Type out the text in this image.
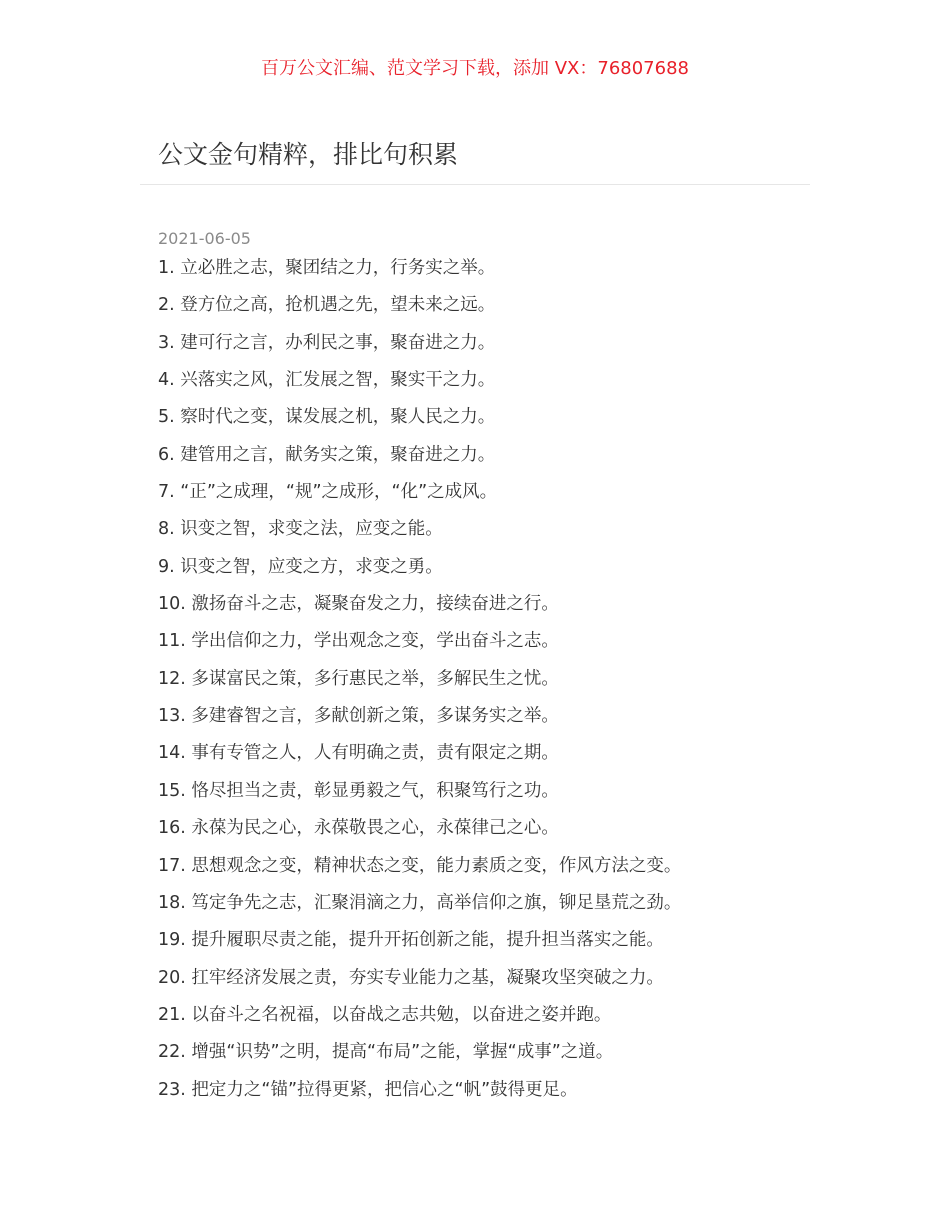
百万公文汇编、范文学习下载，添加 VX：76807688
公文金句精粹，排比句积累
2021-06-05
1. 立必胜之志，聚团结之力，行务实之举。
2. 登方位之高，抢机遇之先，望未来之远。
3. 建可行之言，办利民之事，聚奋进之力。
4. 兴落实之风，汇发展之智，聚实干之力。
5. 察时代之变，谋发展之机，聚人民之力。
6. 建管用之言，献务实之策，聚奋进之力。
7. “正”之成理，“规”之成形，“化”之成风。
8. 识变之智，求变之法，应变之能。
9. 识变之智，应变之方，求变之勇。
10. 激扬奋斗之志，凝聚奋发之力，接续奋进之行。
11. 学出信仰之力，学出观念之变，学出奋斗之志。
12. 多谋富民之策，多行惠民之举，多解民生之忧。
13. 多建睿智之言，多献创新之策，多谋务实之举。
14. 事有专管之人，人有明确之责，责有限定之期。
15. 恪尽担当之责，彰显勇毅之气，积聚笃行之功。
16. 永葆为民之心，永葆敬畏之心，永葆律己之心。
17. 思想观念之变，精神状态之变，能力素质之变，作风方法之变。
18. 笃定争先之志，汇聚涓滴之力，高举信仰之旗，铆足垦荒之劲。
19. 提升履职尽责之能，提升开拓创新之能，提升担当落实之能。
20. 扛牢经济发展之责，夯实专业能力之基，凝聚攻坚突破之力。
21. 以奋斗之名祝福，以奋战之志共勉，以奋进之姿并跑。
22. 增强“识势”之明，提高“布局”之能，掌握“成事”之道。
23. 把定力之“锚”拉得更紧，把信心之“帆”鼓得更足。
